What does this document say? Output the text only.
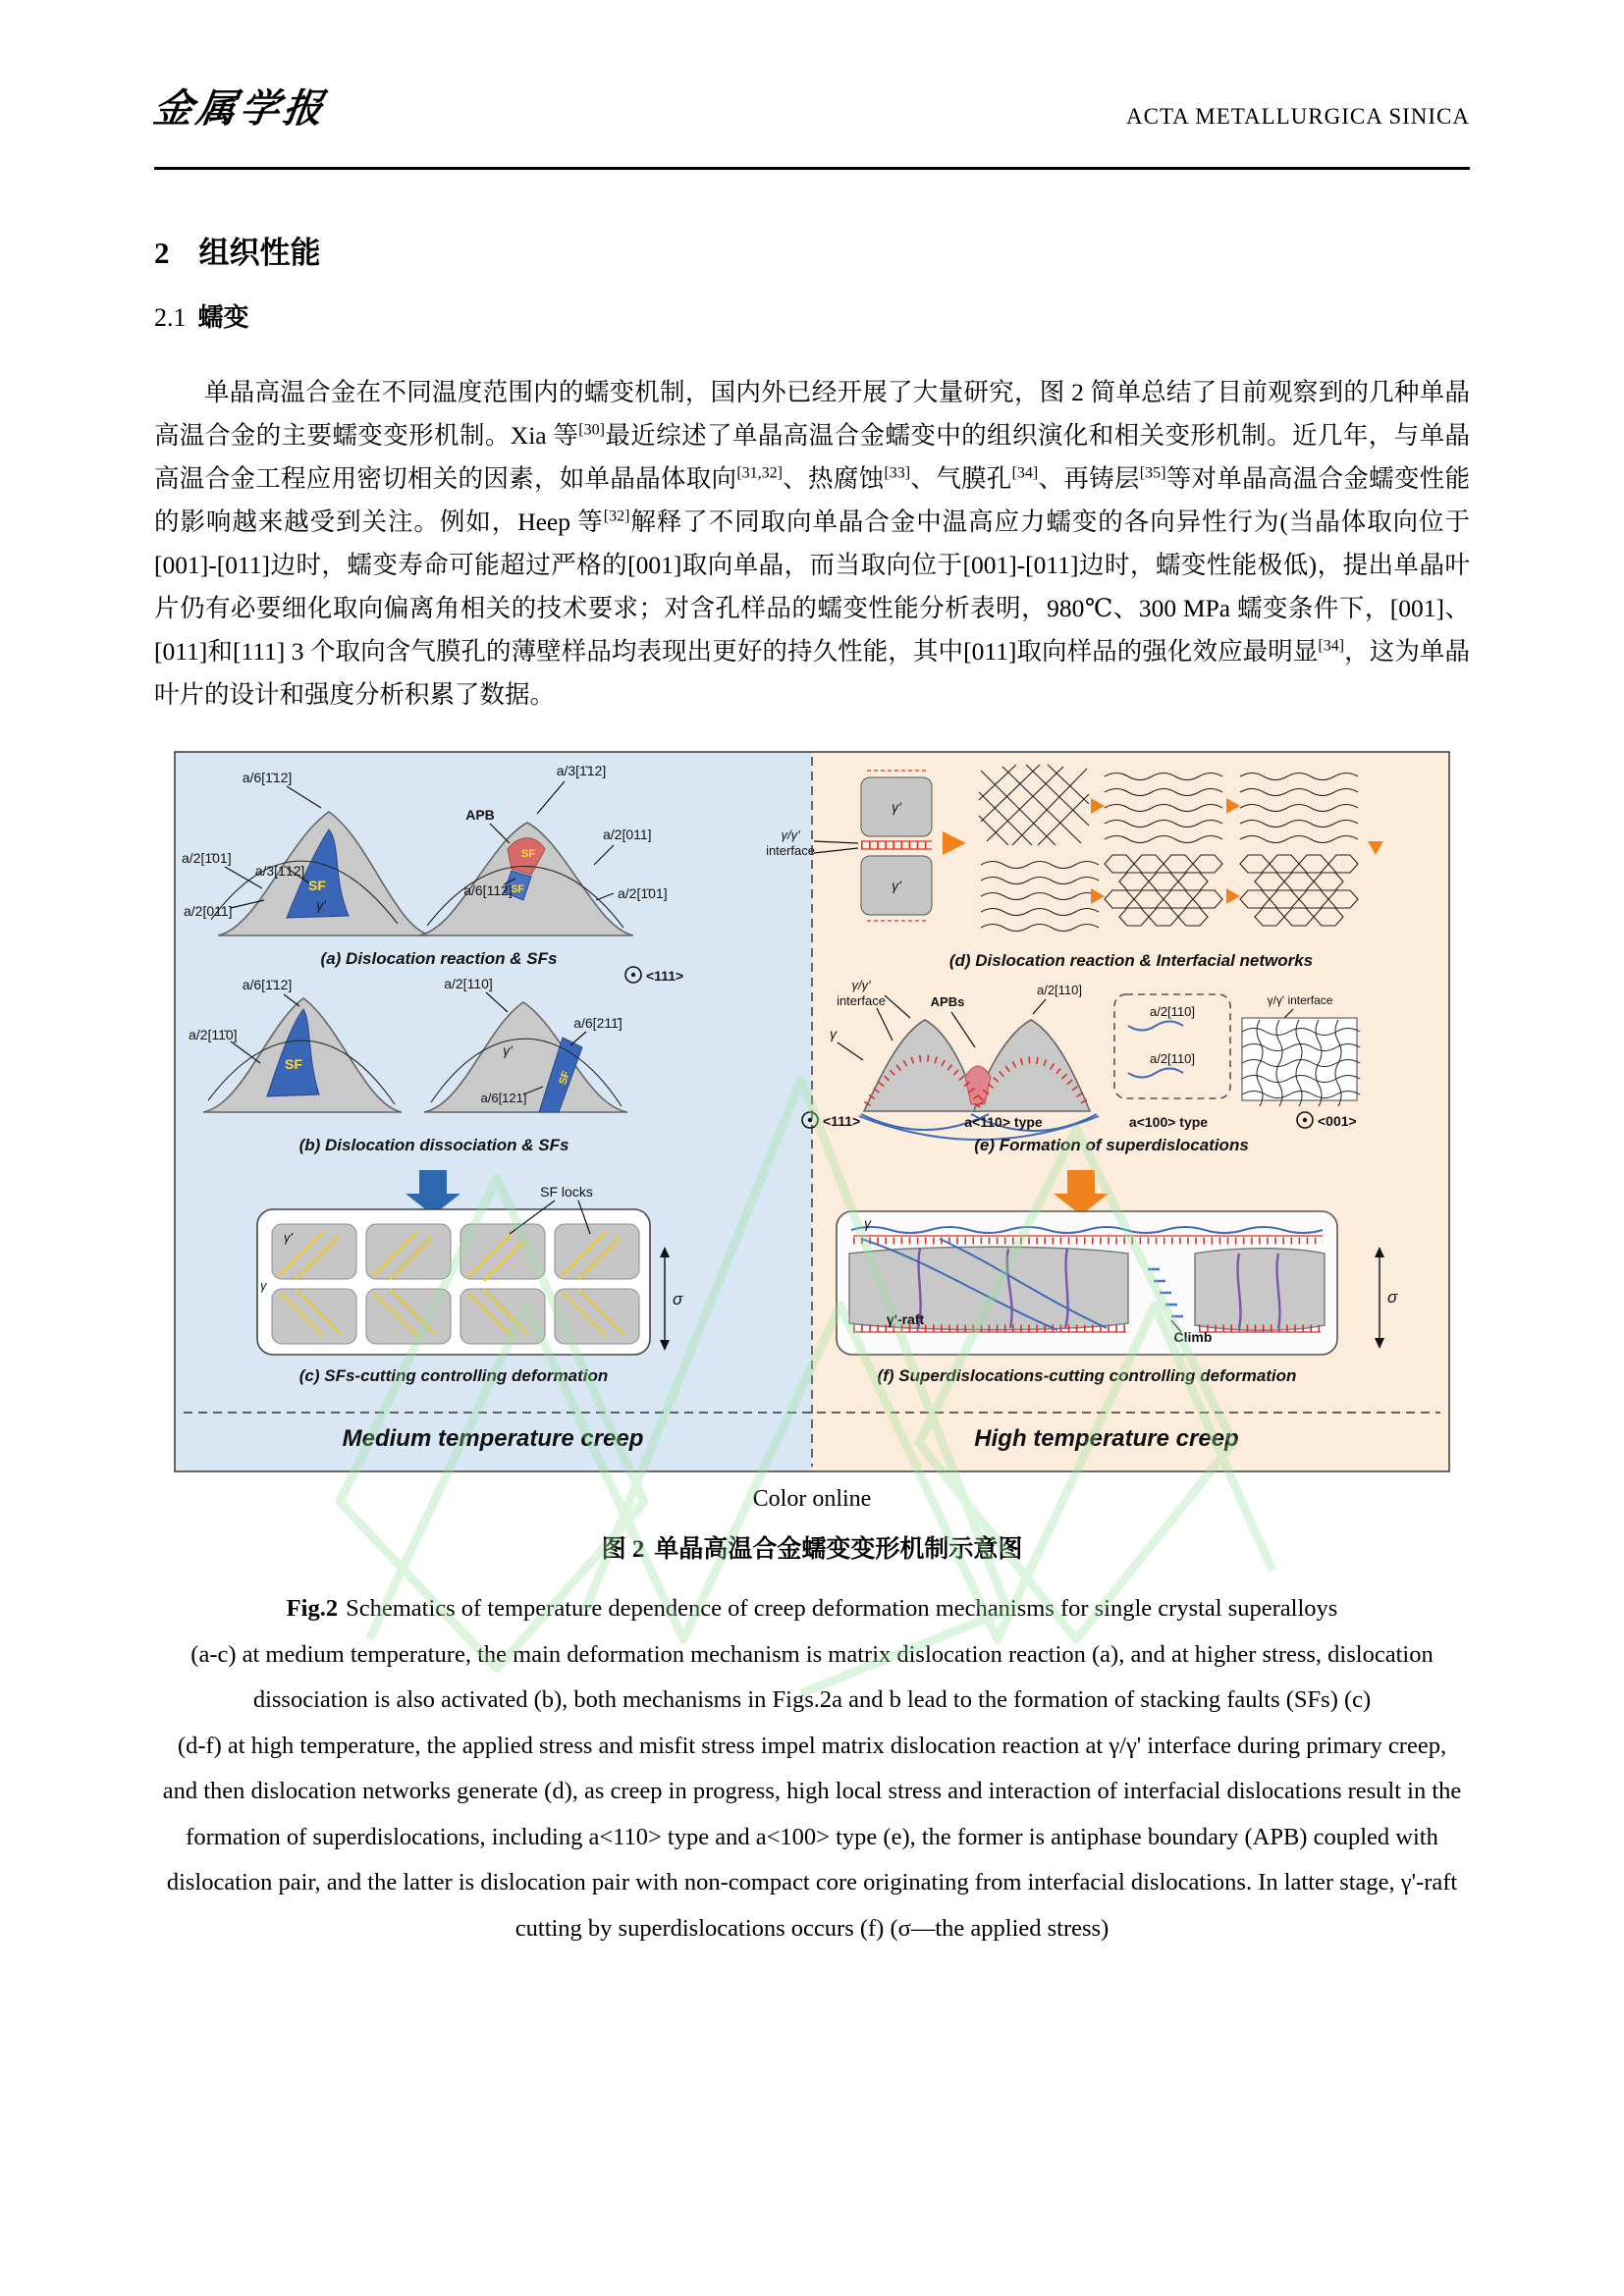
金属学报	ACTA METALLURGICA SINICA
2 组织性能
2.1 蠕变

单晶高温合金在不同温度范围内的蠕变机制，国内外已经开展了大量研究，图 2 简单总结了目前观察到的几种单晶高温合金的主要蠕变变形机制。Xia 等[30]最近综述了单晶高温合金蠕变中的组织演化和相关变形机制。近几年，与单晶高温合金工程应用密切相关的因素，如单晶晶体取向[31,32]、热腐蚀[33]、气膜孔[34]、再铸层[35]等对单晶高温合金蠕变性能的影响越来越受到关注。例如，Heep 等[32]解释了不同取向单晶合金中温高应力蠕变的各向异性行为(当晶体取向位于[001]-[011]边时，蠕变寿命可能超过严格的[001]取向单晶，而当取向位于[001]-[011]边时，蠕变性能极低)，提出单晶叶片仍有必要细化取向偏离角相关的技术要求；对含孔样品的蠕变性能分析表明，980℃、300 MPa 蠕变条件下，[001]、[011]和[111] 3 个取向含气膜孔的薄壁样品均表现出更好的持久性能，其中[011]取向样品的强化效应最明显[34]，这为单晶叶片的设计和强度分析积累了数据。

a/6[1̄12]	a/3[1̄12]
APB
a/2[011]
a/2[1̄01]
a/3[1̄12]
γ'
a/6[112]
a/2[011]
a/2[1̄01]
SF
SF
SF
(a) Dislocation reaction & SFs
<111>
a/6[1̄12]
a/2[11̄0]
a/2[110]
γ'
a/6[211̄]
a/6[121]
SF
SF
(b) Dislocation dissociation & SFs
SF locks
γ'
γ
σ
(c) SFs-cutting controlling deformation
Medium temperature creep
γ'
γ'
γ/γ'
interface
(d) Dislocation reaction & Interfacial networks
γ/γ'
interface
γ
APBs
a/2[110]
<111>	a<110> type
a/2[110]
a/2[110]
γ/γ' interface
a<100> type	<001>
(e) Formation of superdislocations
γ
γ'-raft
Climb
σ
(f) Superdislocations-cutting controlling deformation
High temperature creep
Color online
图 2 单晶高温合金蠕变变形机制示意图

Fig.2 Schematics of temperature dependence of creep deformation mechanisms for single crystal superalloys

(a-c) at medium temperature, the main deformation mechanism is matrix dislocation reaction (a), and at higher stress, dislocation dissociation is also activated (b), both mechanisms in Figs.2a and b lead to the formation of stacking faults (SFs) (c)

(d-f) at high temperature, the applied stress and misfit stress impel matrix dislocation reaction at γ/γ' interface during primary creep, and then dislocation networks generate (d), as creep in progress, high local stress and interaction of interfacial dislocations result in the formation of superdislocations, including a<110> type and a<100> type (e), the former is antiphase boundary (APB) coupled with dislocation pair, and the latter is dislocation pair with non-compact core originating from interfacial dislocations. In latter stage, γ'-raft cutting by superdislocations occurs (f) (σ—the applied stress)
